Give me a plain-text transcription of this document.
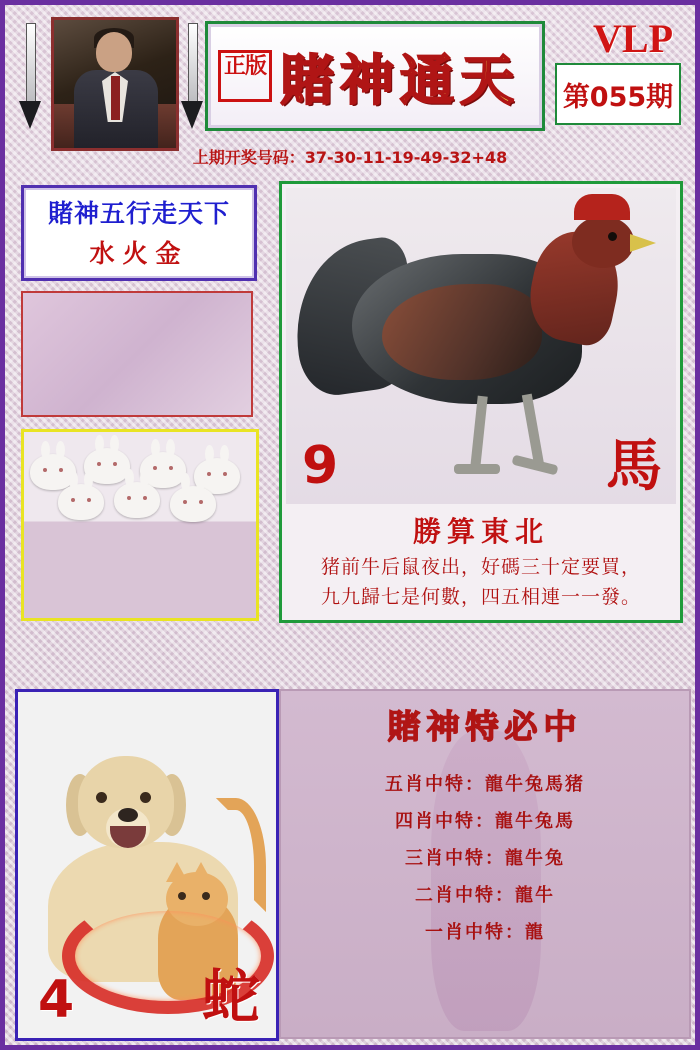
正版 賭神通天
VLP
第055期
上期开奖号码：37-30-11-19-49-32+48
賭神五行走天下
水火金
4 蛇
9	馬
勝算東北
猪前牛后鼠夜出，好碼三十定要買，
九九歸七是何數，四五相連一一發。
賭神特必中
五肖中特：龍牛兔馬猪
四肖中特：龍牛兔馬
三肖中特：龍牛兔
二肖中特：龍牛
一肖中特：龍
